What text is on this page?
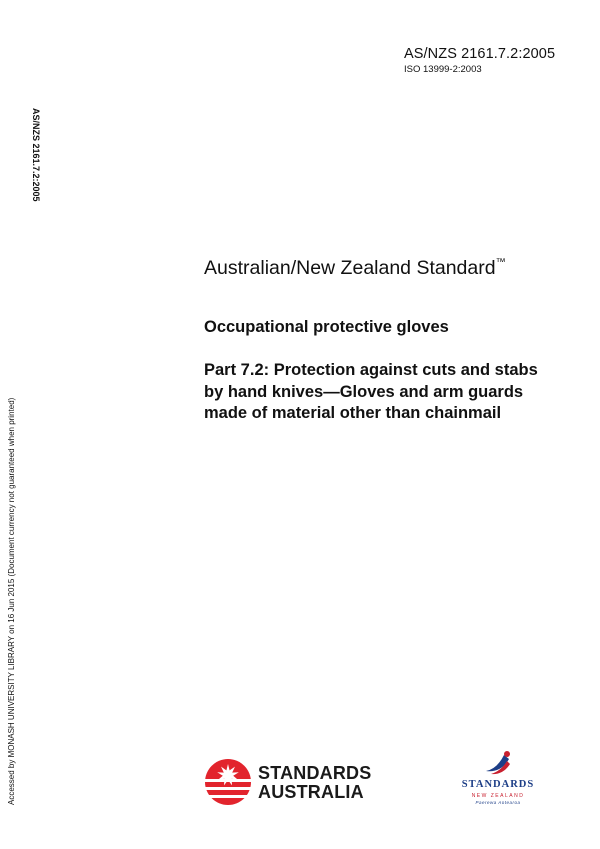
AS/NZS 2161.7.2:2005
ISO 13999-2:2003
AS/NZS 2161.7.2:2005
Accessed by MONASH UNIVERSITY LIBRARY on 16 Jun 2015 (Document currency not guaranteed when printed)
Australian/New Zealand Standard™
Occupational protective gloves
Part 7.2: Protection against cuts and stabs by hand knives—Gloves and arm guards made of material other than chainmail
STANDARDS
AUSTRALIA	STANDARDS
NEW ZEALAND
Paerewa Aotearoa
